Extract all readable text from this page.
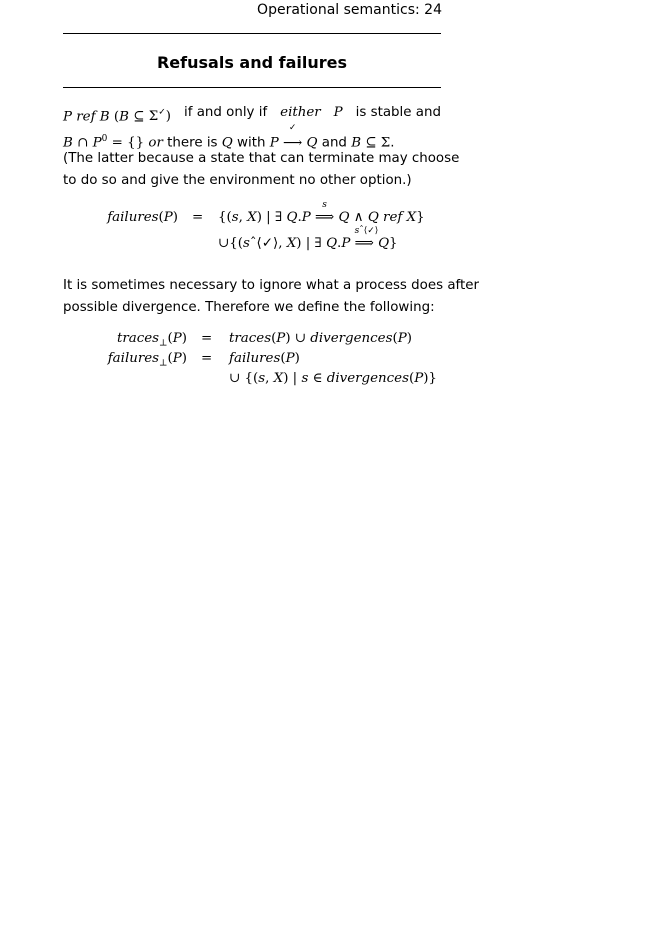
Operational semantics: 24
Refusals and failures
P ref B (B ⊆ Σ✓) if and only if either P is stable and
B ∩ $P^0$ = {} or there is Q with P
✓
⟶ Q and B ⊆ Σ.
(The latter because a state that can terminate may choose
to do so and give the environment no other option.)
failures(P) = {(s, X) | ∃ Q.P
s
⟹ Q ∧ Q ref X}
∪{(sˆ⟨✓⟩, X) | ∃ Q.P
sˆ⟨✓⟩
⟹ Q}
It is sometimes necessary to ignore what a process does after
possible divergence. Therefore we define the following:
traces$_\perp$(P) = traces(P) ∪ divergences(P)
failures$_\perp$(P) = failures(P)
∪ {(s, X) | s ∈ divergences(P)}
